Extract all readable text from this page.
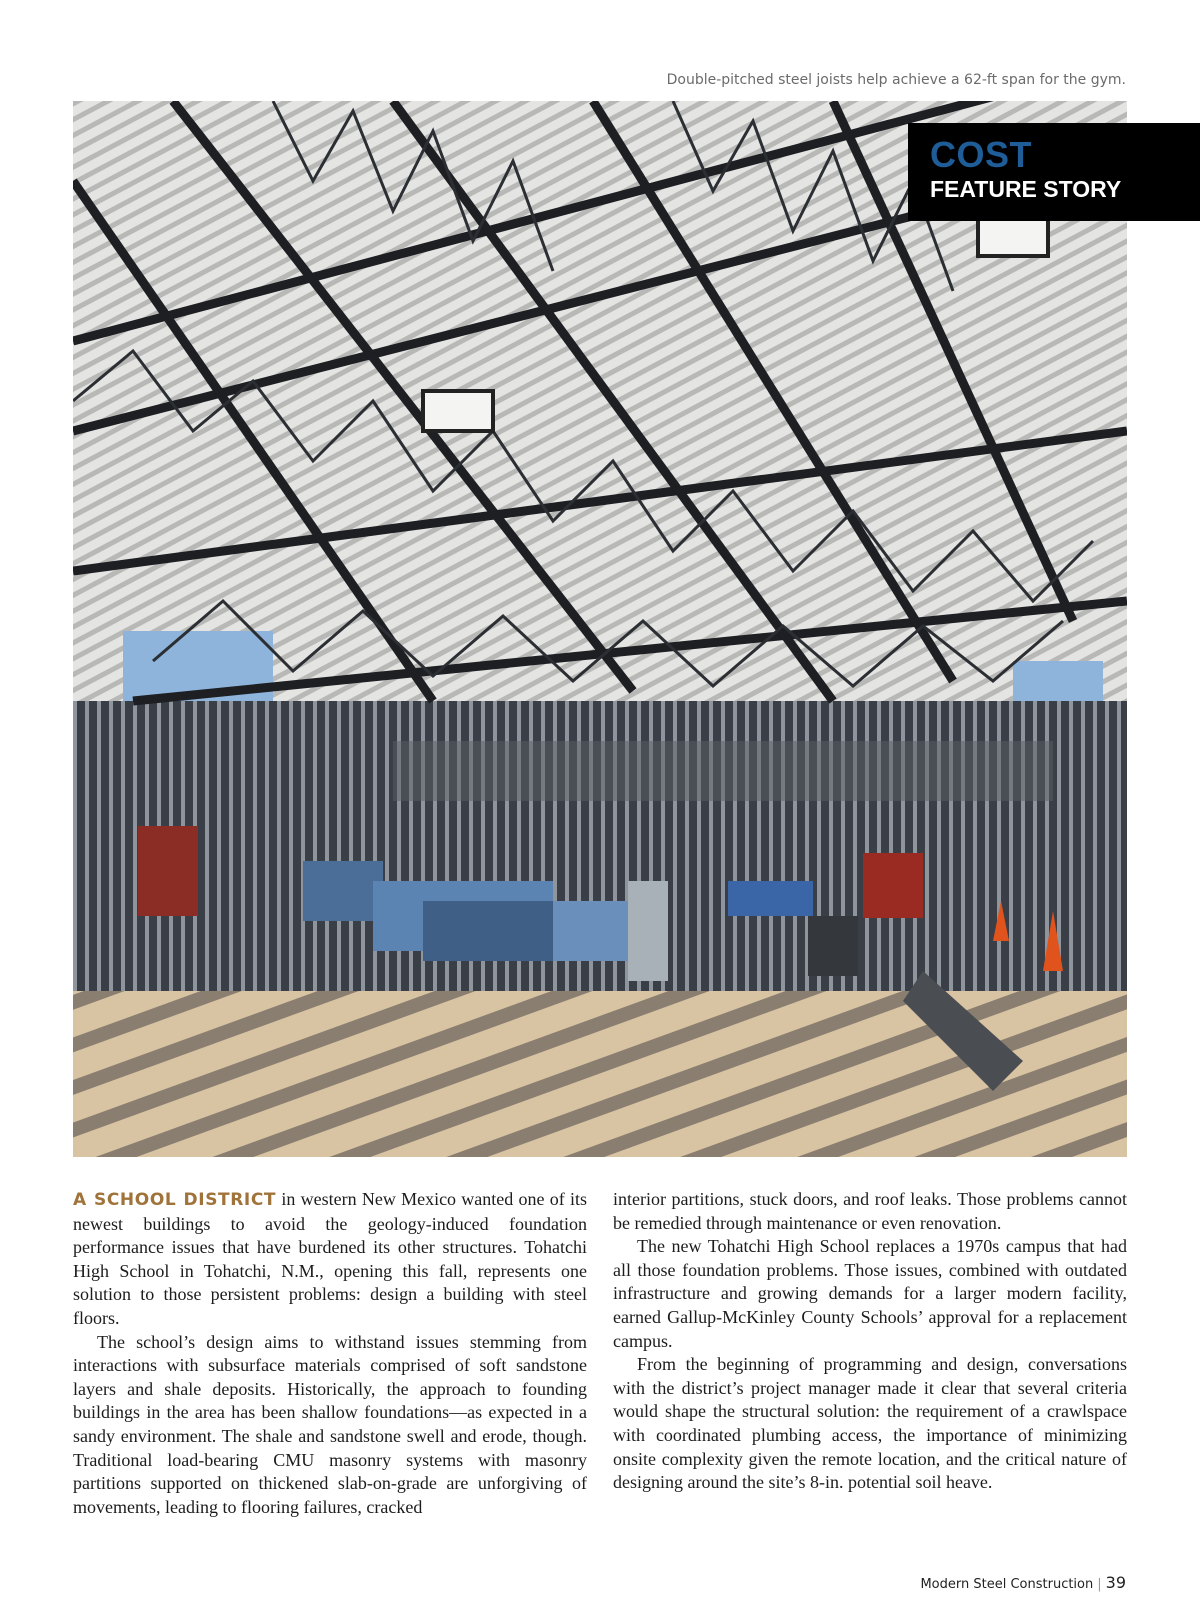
Double-pitched steel joists help achieve a 62-ft span for the gym.
COST
FEATURE STORY

A SCHOOL DISTRICT in western New Mexico wanted one of its newest buildings to avoid the geology-induced foundation performance issues that have burdened its other structures. Tohatchi High School in Tohatchi, N.M., opening this fall, represents one solution to those persistent problems: design a building with steel floors.

The school’s design aims to withstand issues stemming from interactions with subsurface materials comprised of soft sandstone layers and shale deposits. Historically, the approach to founding buildings in the area has been shallow foundations—as expected in a sandy environment. The shale and sandstone swell and erode, though. Traditional load-bearing CMU masonry systems with masonry partitions supported on thickened slab-on-grade are unforgiving of movements, leading to flooring failures, cracked

interior partitions, stuck doors, and roof leaks. Those problems cannot be remedied through maintenance or even renovation.

The new Tohatchi High School replaces a 1970s campus that had all those foundation problems. Those issues, combined with outdated infrastructure and growing demands for a larger modern facility, earned Gallup-McKinley County Schools’ approval for a replacement campus.

From the beginning of programming and design, conversations with the district’s project manager made it clear that several criteria would shape the structural solution: the requirement of a crawlspace with coordinated plumbing access, the importance of minimizing onsite complexity given the remote location, and the critical nature of designing around the site’s 8-in. potential soil heave.

Modern Steel Construction | 39
